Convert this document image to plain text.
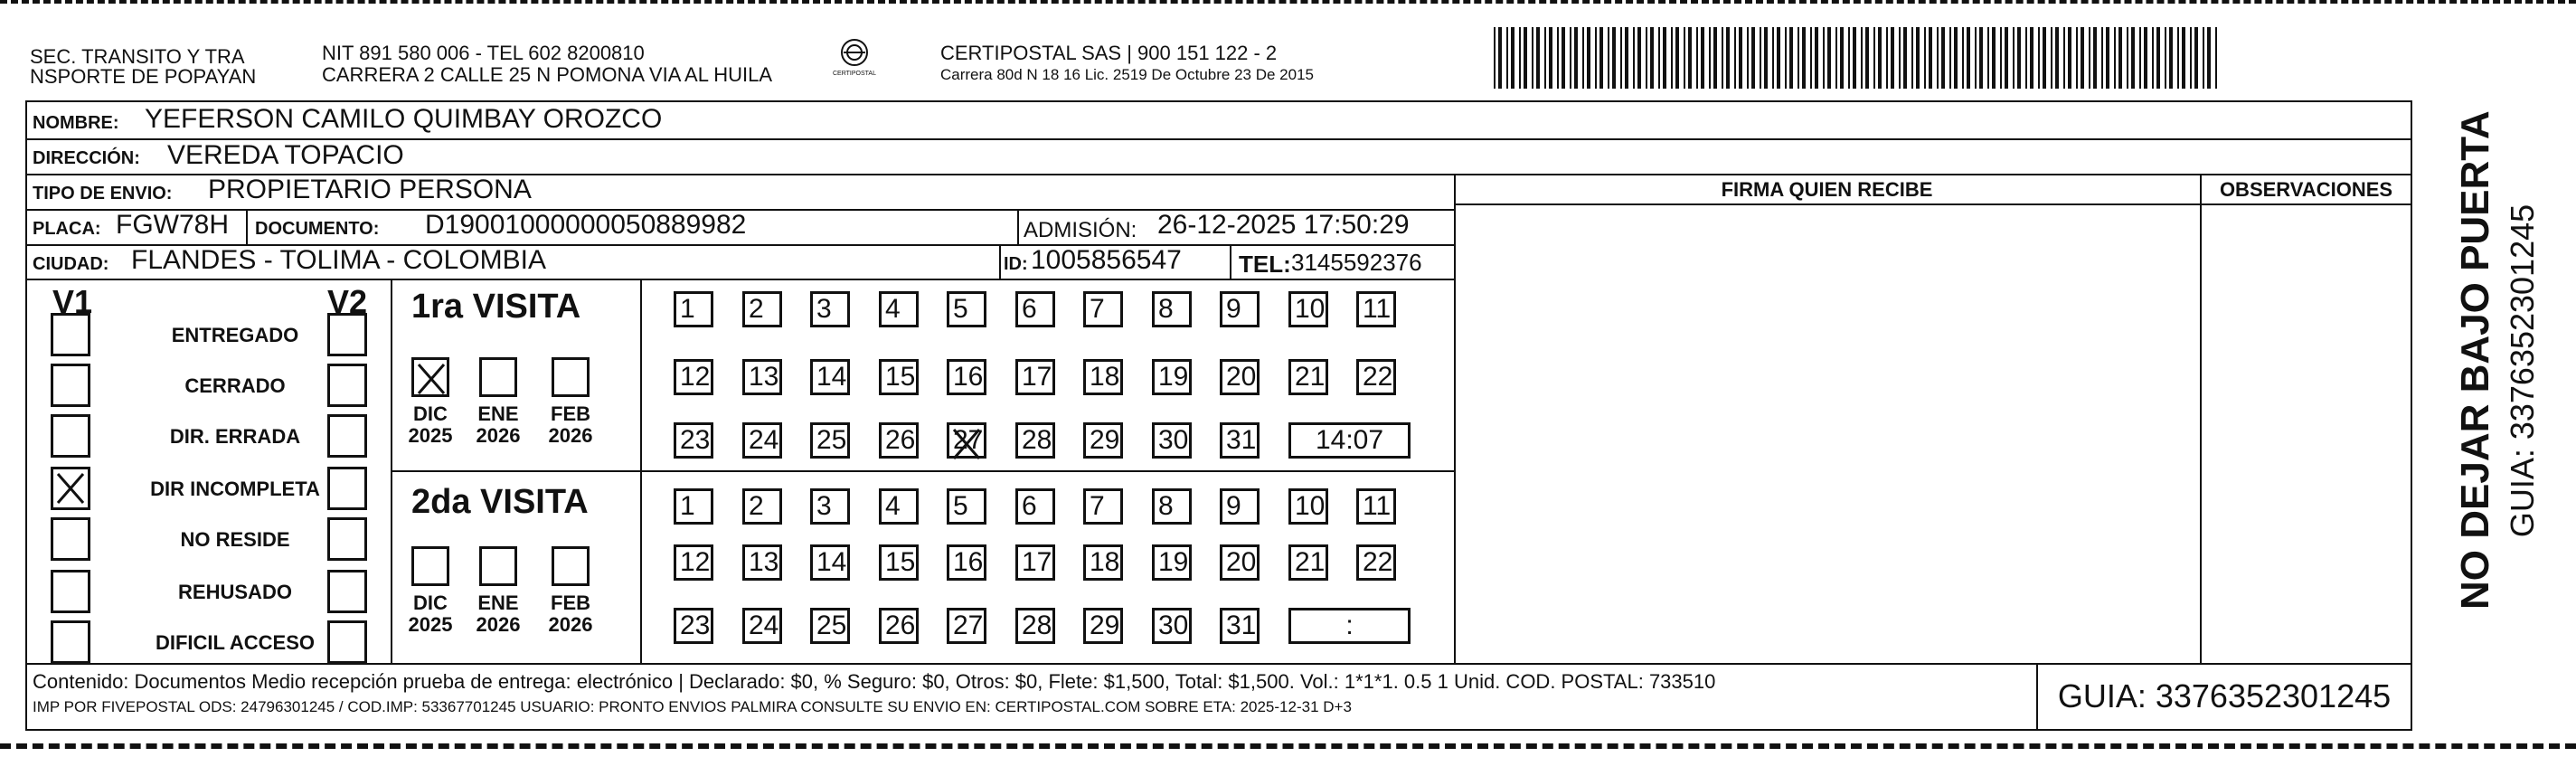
SEC. TRANSITO Y TRA
NSPORTE DE POPAYAN
NIT 891 580 006 - TEL 602 8200810
CARRERA 2 CALLE 25 N POMONA VIA AL HUILA	CERTIPOSTAL
CERTIPOSTAL SAS | 900 151 122 - 2
Carrera 80d N 18 16 Lic. 2519 De Octubre 23 De 2015
NO DEJAR BAJO PUERTA GUIA: 3376352301245
NOMBRE: YEFERSON CAMILO QUIMBAY OROZCO
DIRECCIÓN: VEREDA TOPACIO
TIPO DE ENVIO: PROPIETARIO PERSONA	FIRMA QUIEN RECIBE	OBSERVACIONES
PLACA: FGW78H DOCUMENTO: D19001000000050889982	ADMISIÓN: 26-12-2025 17:50:29
CIUDAD: FLANDES - TOLIMA - COLOMBIA	ID: 1005856547 TEL: 3145592376
V1	V2 1ra VISITA
2da VISITA
Contenido: Documentos Medio recepción prueba de entrega: electrónico | Declarado: $0, % Seguro: $0, Otros: $0, Flete: $1,500, Total: $1,500. Vol.: 1*1*1. 0.5 1 Unid. COD. POSTAL: 733510
IMP POR FIVEPOSTAL ODS: 24796301245 / COD.IMP: 53367701245 USUARIO: PRONTO ENVIOS PALMIRA CONSULTE SU ENVIO EN: CERTIPOSTAL.COM SOBRE ETA: 2025-12-31 D+3	GUIA: 3376352301245
ENTREGADO
CERRADO
DIR. ERRADA
DIR INCOMPLETA
NO RESIDE
REHUSADO
DIFICIL ACCESO
DIC
2025
ENE
2026
FEB
2026
DIC
2025
ENE
2026
FEB
2026
1	2	3	4	5	6	7	8	9	10 11
12 13 14 15 16 17 18 19 20 21 22
23 24 25 26 27 28 29 30 31	14:07
1	2	3	4	5	6	7	8	9	10 11
12 13 14 15 16 17 18 19 20 21 22
23 24 25 26 27 28 29 30 31	:
